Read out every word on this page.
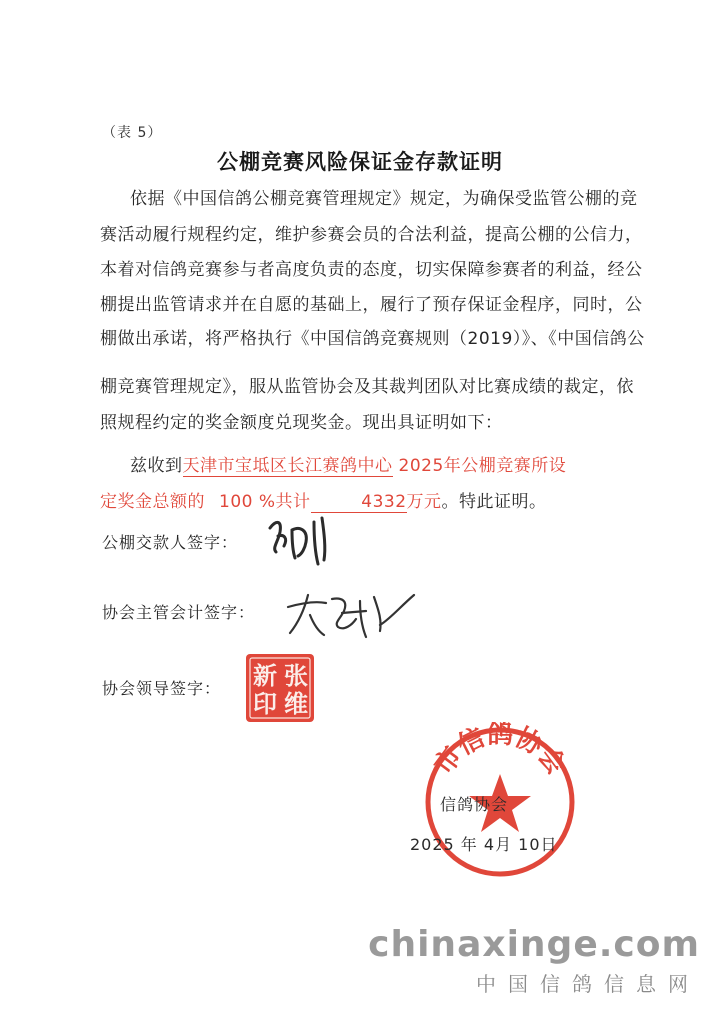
（表 5）
公棚竞赛风险保证金存款证明
依据《中国信鸽公棚竞赛管理规定》规定，为确保受监管公棚的竞
赛活动履行规程约定，维护参赛会员的合法利益，提高公棚的公信力，
本着对信鸽竞赛参与者高度负责的态度，切实保障参赛者的利益，经公
棚提出监管请求并在自愿的基础上，履行了预存保证金程序，同时，公
棚做出承诺，将严格执行《中国信鸽竞赛规则（2019）》、《中国信鸽公
棚竞赛管理规定》，服从监管协会及其裁判团队对比赛成绩的裁定，依
照规程约定的奖金额度兑现奖金。现出具证明如下：
兹收到天津市宝坻区长江赛鸽中心 2025年公棚竞赛所设
定奖金总额的 100 %共计	4332万元。特此证明。
公棚交款人签字：
协会主管会计签字：
协会领导签字：	张
维
新
印
市信鸽协会
信鸽协会
2025 年 4月 10日
chinaxinge.com
中国信鸽信息网
